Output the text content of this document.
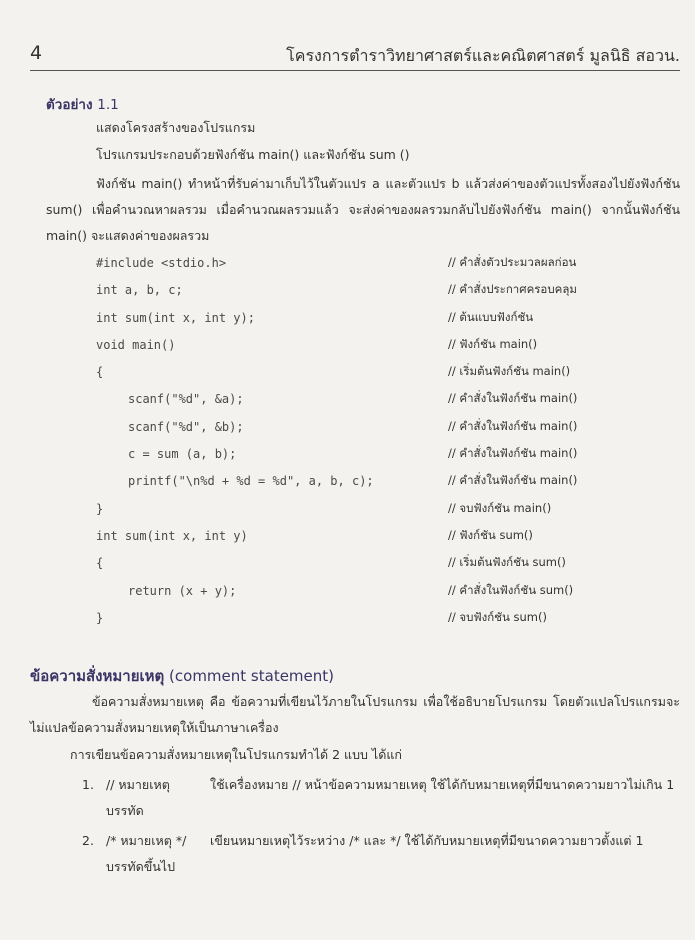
4	โครงการตำราวิทยาศาสตร์และคณิตศาสตร์ มูลนิธิ สอวน.
ตัวอย่าง 1.1
แสดงโครงสร้างของโปรแกรม
โปรแกรมประกอบด้วยฟังก์ชัน main() และฟังก์ชัน sum ()
ฟังก์ชัน main() ทำหน้าที่รับค่ามาเก็บไว้ในตัวแปร a และตัวแปร b แล้วส่งค่าของตัวแปรทั้งสองไปยังฟังก์ชัน sum() เพื่อคำนวณหาผลรวม เมื่อคำนวณผลรวมแล้ว จะส่งค่าของผลรวมกลับไปยังฟังก์ชัน main() จากนั้นฟังก์ชัน main() จะแสดงค่าของผลรวม
#include <stdio.h>	// คำสั่งตัวประมวลผลก่อน
int a, b, c;	// คำสั่งประกาศครอบคลุม
int sum(int x, int y);	// ต้นแบบฟังก์ชัน
void main()	// ฟังก์ชัน main()
{	// เริ่มต้นฟังก์ชัน main()
scanf("%d", &a);	// คำสั่งในฟังก์ชัน main()
scanf("%d", &b);	// คำสั่งในฟังก์ชัน main()
c = sum (a, b);	// คำสั่งในฟังก์ชัน main()
printf("\n%d + %d = %d", a, b, c);	// คำสั่งในฟังก์ชัน main()
}	// จบฟังก์ชัน main()
int sum(int x, int y)	// ฟังก์ชัน sum()
{	// เริ่มต้นฟังก์ชัน sum()
return (x + y);	// คำสั่งในฟังก์ชัน sum()
}	// จบฟังก์ชัน sum()
ข้อความสั่งหมายเหตุ (comment statement)
ข้อความสั่งหมายเหตุ คือ ข้อความที่เขียนไว้ภายในโปรแกรม เพื่อใช้อธิบายโปรแกรม โดยตัวแปลโปรแกรมจะไม่แปลข้อความสั่งหมายเหตุให้เป็นภาษาเครื่อง
การเขียนข้อความสั่งหมายเหตุในโปรแกรมทำได้ 2 แบบ ได้แก่
1. // หมายเหตุ	ใช้เครื่องหมาย // หน้าข้อความหมายเหตุ ใช้ได้กับหมายเหตุที่มีขนาดความยาวไม่เกิน 1
บรรทัด
2. /* หมายเหตุ */ เขียนหมายเหตุไว้ระหว่าง /* และ */ ใช้ได้กับหมายเหตุที่มีขนาดความยาวตั้งแต่ 1
บรรทัดขึ้นไป
